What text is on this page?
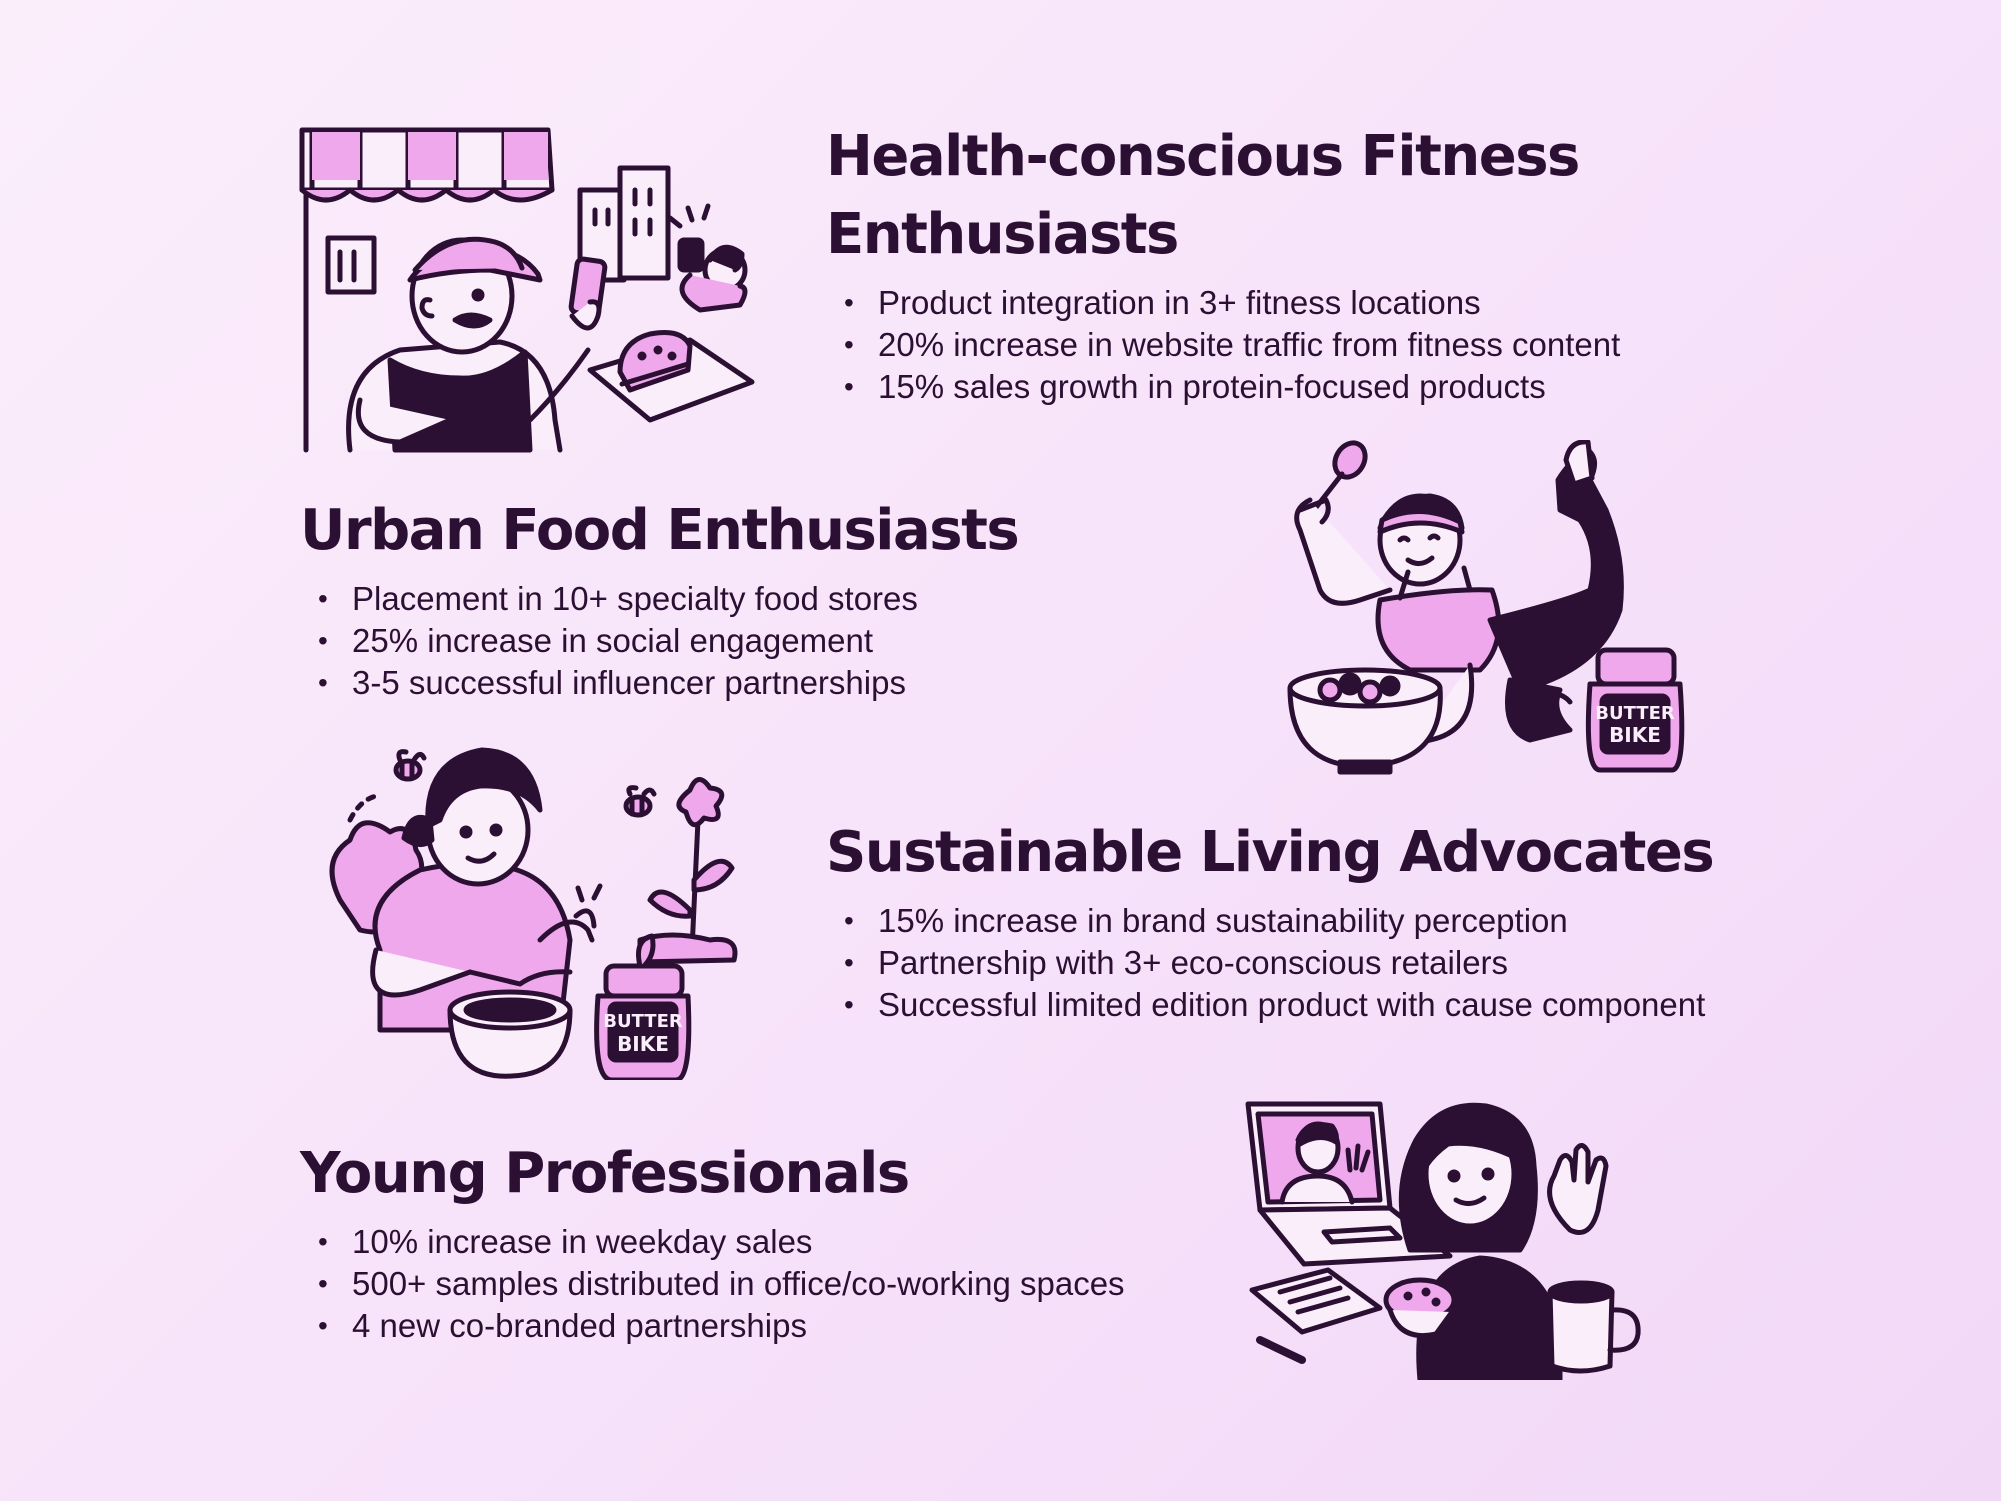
Health-conscious Fitness
Enthusiasts
• Product integration in 3+ fitness locations
• 20% increase in website traffic from fitness content
• 15% sales growth in protein-focused products
Urban Food Enthusiasts
• Placement in 10+ specialty food stores
• 25% increase in social engagement
• 3-5 successful influencer partnerships
Sustainable Living Advocates
• 15% increase in brand sustainability perception
• Partnership with 3+ eco-conscious retailers
• Successful limited edition product with cause component
Young Professionals
• 10% increase in weekday sales
• 500+ samples distributed in office/co-working spaces
• 4 new co-branded partnerships
BUTTER
BIKE
BUTTER
BIKE
